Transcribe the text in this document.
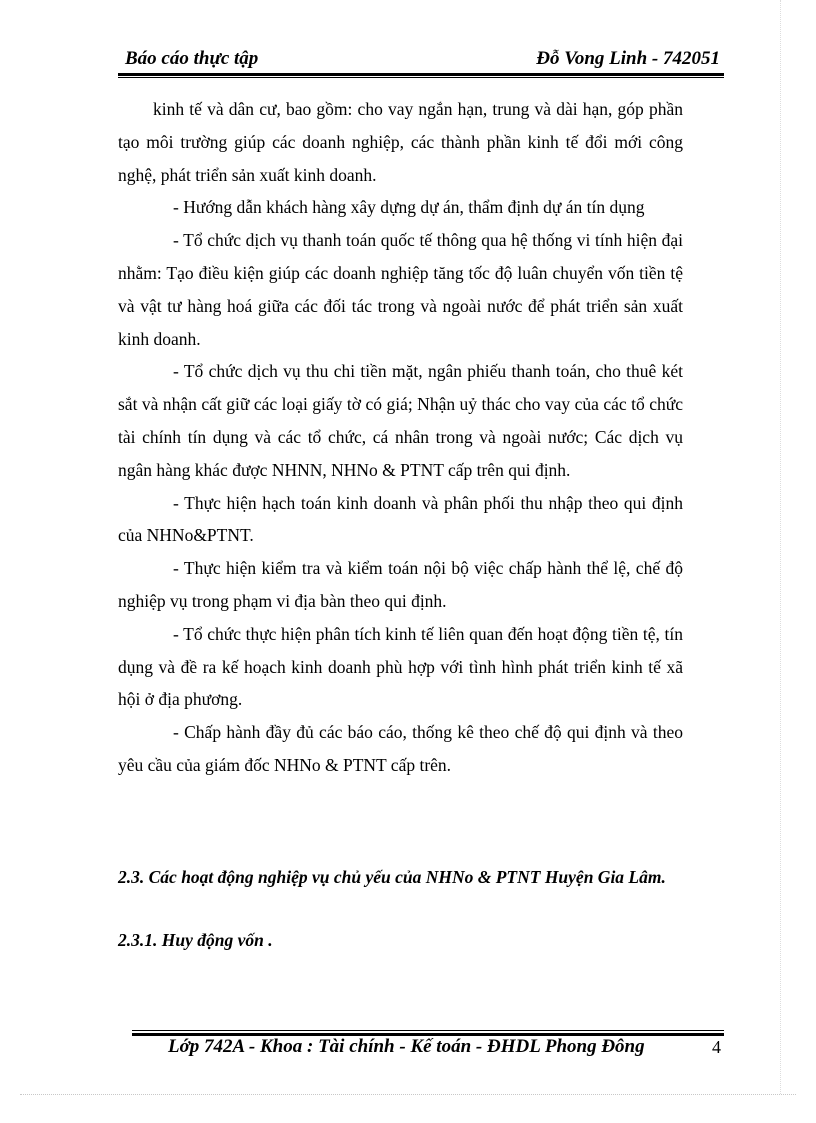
Báo cáo thực tập	Đỗ Vong Linh - 742051

kinh tế và dân cư, bao gồm: cho vay ngắn hạn, trung và dài hạn, góp phần tạo môi trường giúp các doanh nghiệp, các thành phần kinh tế đổi mới công nghệ, phát triển sản xuất kinh doanh.

- Hướng dẫn khách hàng xây dựng dự án, thẩm định dự án tín dụng

- Tổ chức dịch vụ thanh toán quốc tế thông qua hệ thống vi tính hiện đại nhằm: Tạo điều kiện giúp các doanh nghiệp tăng tốc độ luân chuyển vốn tiền tệ và vật tư hàng hoá giữa các đối tác trong và ngoài nước để phát triển sản xuất kinh doanh.

- Tổ chức dịch vụ thu chi tiền mặt, ngân phiếu thanh toán, cho thuê két sắt và nhận cất giữ các loại giấy tờ có giá; Nhận uỷ thác cho vay của các tổ chức tài chính tín dụng và các tổ chức, cá nhân trong và ngoài nước; Các dịch vụ ngân hàng khác được NHNN, NHNo & PTNT cấp trên qui định.

- Thực hiện hạch toán kinh doanh và phân phối thu nhập theo qui định của NHNo&PTNT.

- Thực hiện kiểm tra và kiểm toán nội bộ việc chấp hành thể lệ, chế độ nghiệp vụ trong phạm vi địa bàn theo qui định.

- Tổ chức thực hiện phân tích kinh tế liên quan đến hoạt động tiền tệ, tín dụng và đề ra kế hoạch kinh doanh phù hợp với tình hình phát triển kinh tế xã hội ở địa phương.

- Chấp hành đầy đủ các báo cáo, thống kê theo chế độ qui định và theo yêu cầu của giám đốc NHNo & PTNT cấp trên.

2.3. Các hoạt động nghiệp vụ chủ yếu của NHNo & PTNT Huyện Gia Lâm.
2.3.1. Huy động vốn .
Lớp 742A - Khoa : Tài chính - Kế toán - ĐHDL Phong Đông	4
